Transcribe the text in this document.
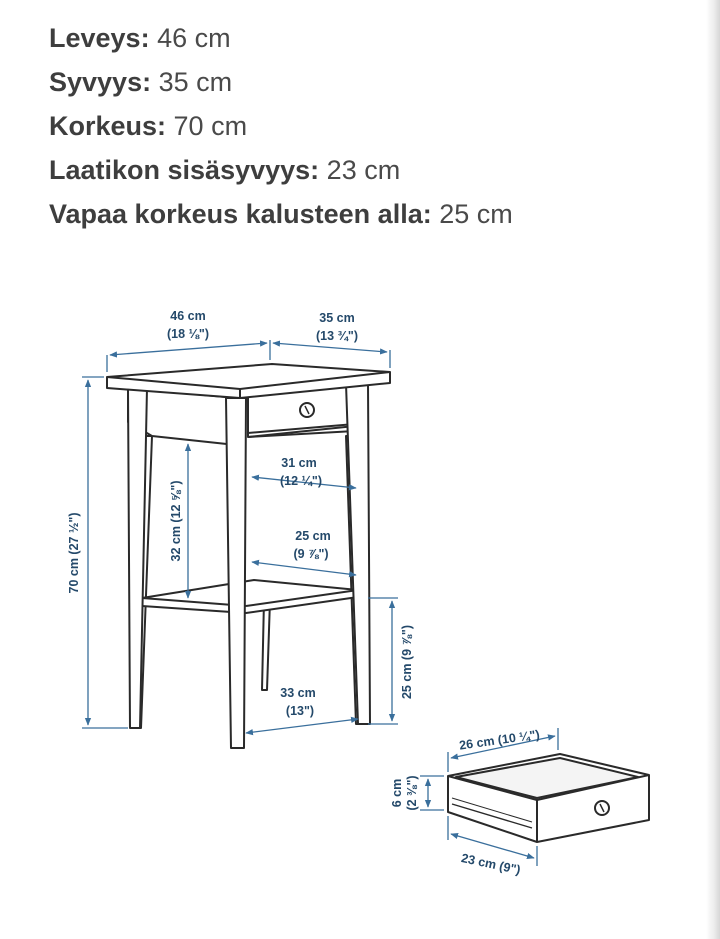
Leveys: 46 cm
Syvyys: 35 cm
Korkeus: 70 cm
Laatikon sisäsyvyys: 23 cm
Vapaa korkeus kalusteen alla: 25 cm
46 cm
(18 ⅛")
35 cm
(13 ¾")
70 cm (27 ½")	32 cm (12 ⅝")
31 cm
(12 ¼")
25 cm
(9 ⅞")
33 cm
(13")
25 cm (9 ⅞")
26 cm (10 ¼")
6 cm (2 ⅜")
23 cm (9")
